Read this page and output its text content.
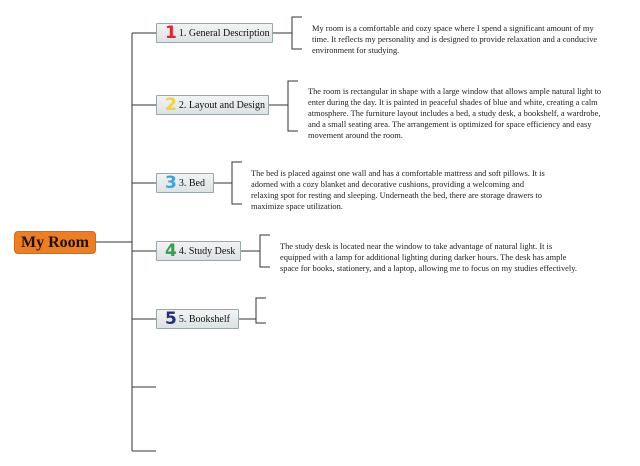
My Room
1 1. General Description	My room is a comfortable and cozy space where I spend a significant amount of my time. It reflects my personality and is designed to provide relaxation and a conducive environment for studying.
2 2. Layout and Design
The room is rectangular in shape with a large window that allows ample natural light to enter during the day. It is painted in peaceful shades of blue and white, creating a calm atmosphere. The furniture layout includes a bed, a study desk, a bookshelf, a wardrobe, and a small seating area. The arrangement is optimized for space efficiency and easy movement around the room.
3 3. Bed
The bed is placed against one wall and has a comfortable mattress and soft pillows. It is adorned with a cozy blanket and decorative cushions, providing a welcoming and relaxing spot for resting and sleeping. Underneath the bed, there are storage drawers to maximize space utilization.
4 4. Study Desk	The study desk is located near the window to take advantage of natural light. It is equipped with a lamp for additional lighting during darker hours. The desk has ample space for books, stationery, and a laptop, allowing me to focus on my studies effectively.
5 5. Bookshelf
